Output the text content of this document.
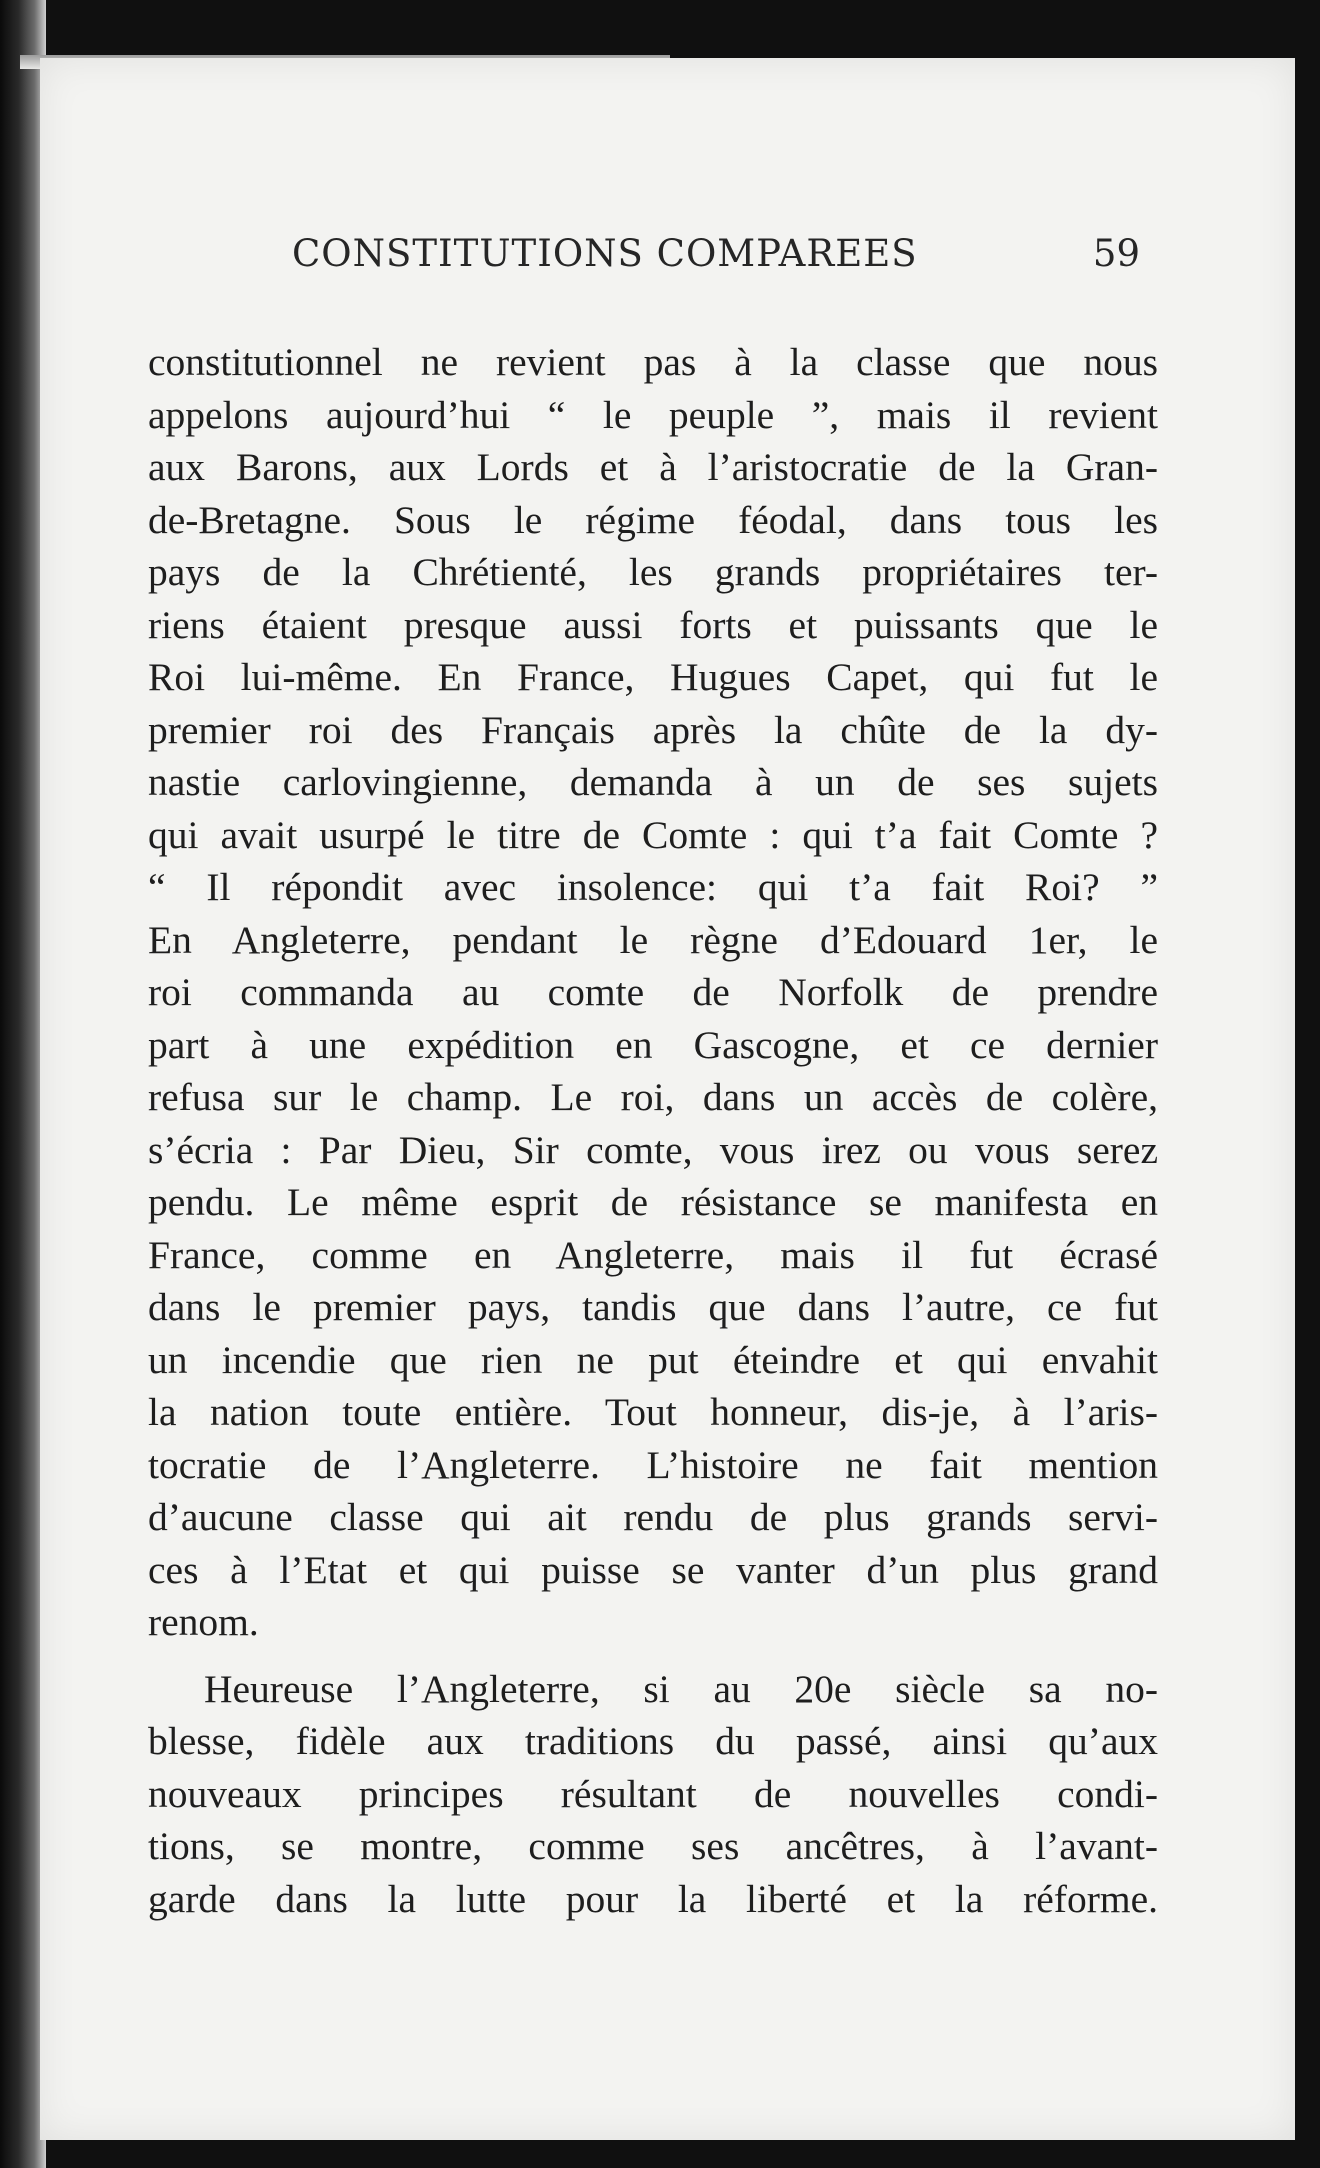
CONSTITUTIONS COMPAREES	59
constitutionnel ne revient pas à la classe que nous
appelons aujourd’hui “ le peuple ”, mais il revient
aux Barons, aux Lords et à l’aristocratie de la Gran-
de-Bretagne. Sous le régime féodal, dans tous les
pays de la Chrétienté, les grands propriétaires ter-
riens étaient presque aussi forts et puissants que le
Roi lui-même. En France, Hugues Capet, qui fut le
premier roi des Français après la chûte de la dy-
nastie carlovingienne, demanda à un de ses sujets
qui avait usurpé le titre de Comte : qui t’a fait Comte ?
“ Il répondit avec insolence: qui t’a fait Roi? ”
En Angleterre, pendant le règne d’Edouard 1er, le
roi commanda au comte de Norfolk de prendre
part à une expédition en Gascogne, et ce dernier
refusa sur le champ. Le roi, dans un accès de colère,
s’écria : Par Dieu, Sir comte, vous irez ou vous serez
pendu. Le même esprit de résistance se manifesta en
France, comme en Angleterre, mais il fut écrasé
dans le premier pays, tandis que dans l’autre, ce fut
un incendie que rien ne put éteindre et qui envahit
la nation toute entière. Tout honneur, dis-je, à l’aris-
tocratie de l’Angleterre. L’histoire ne fait mention
d’aucune classe qui ait rendu de plus grands servi-
ces à l’Etat et qui puisse se vanter d’un plus grand
renom.
Heureuse l’Angleterre, si au 20e siècle sa no-
blesse, fidèle aux traditions du passé, ainsi qu’aux
nouveaux principes résultant de nouvelles condi-
tions, se montre, comme ses ancêtres, à l’avant-
garde dans la lutte pour la liberté et la réforme.
